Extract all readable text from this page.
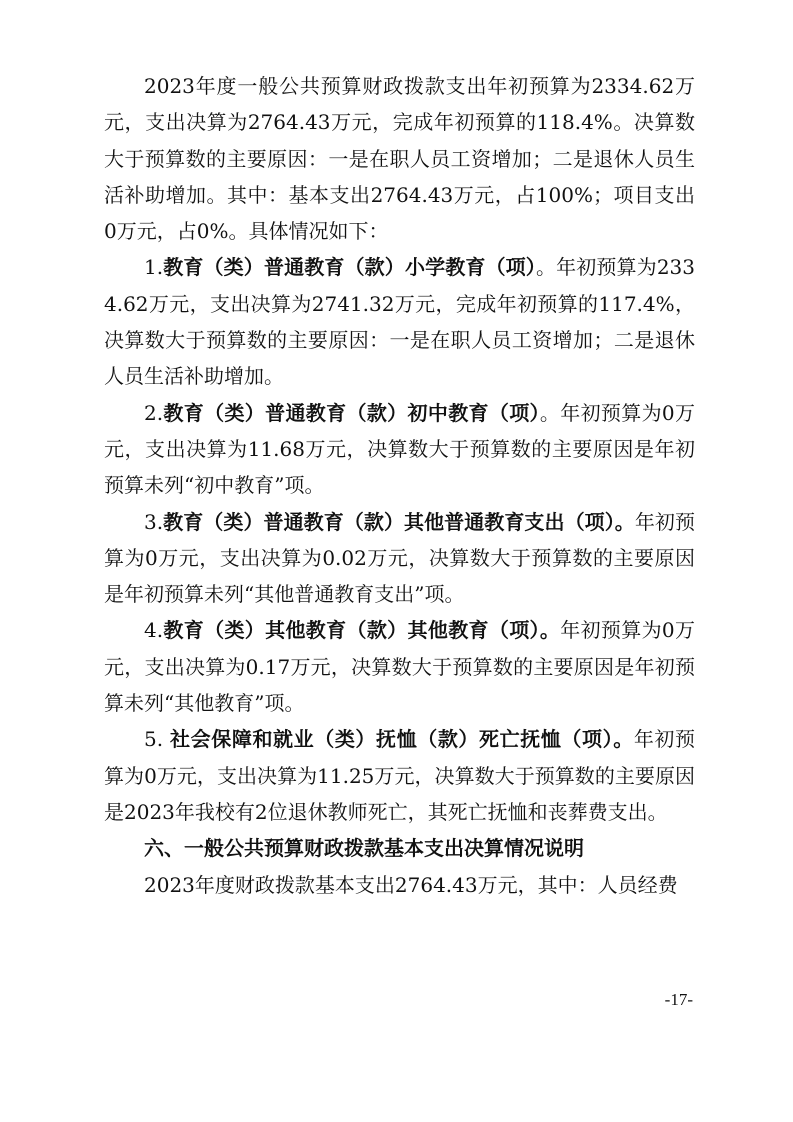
2023年度一般公共预算财政拨款支出年初预算为2334.62万元，支出决算为2764.43万元，完成年初预算的118.4%。决算数大于预算数的主要原因：一是在职人员工资增加；二是退休人员生活补助增加。其中：基本支出2764.43万元，占100%；项目支出0万元，占0%。具体情况如下：

1.教育（类）普通教育（款）小学教育（项）。年初预算为2334.62万元，支出决算为2741.32万元，完成年初预算的117.4%，决算数大于预算数的主要原因：一是在职人员工资增加；二是退休人员生活补助增加。

2.教育（类）普通教育（款）初中教育（项）。年初预算为0万元，支出决算为11.68万元，决算数大于预算数的主要原因是年初预算未列“初中教育”项。

3.教育（类）普通教育（款）其他普通教育支出（项）。年初预算为0万元，支出决算为0.02万元，决算数大于预算数的主要原因是年初预算未列“其他普通教育支出”项。

4.教育（类）其他教育（款）其他教育（项）。年初预算为0万元，支出决算为0.17万元，决算数大于预算数的主要原因是年初预算未列“其他教育”项。

5. 社会保障和就业（类）抚恤（款）死亡抚恤（项）。年初预算为0万元，支出决算为11.25万元，决算数大于预算数的主要原因是2023年我校有2位退休教师死亡，其死亡抚恤和丧葬费支出。

六、一般公共预算财政拨款基本支出决算情况说明

2023年度财政拨款基本支出2764.43万元，其中：人员经费

-17-
